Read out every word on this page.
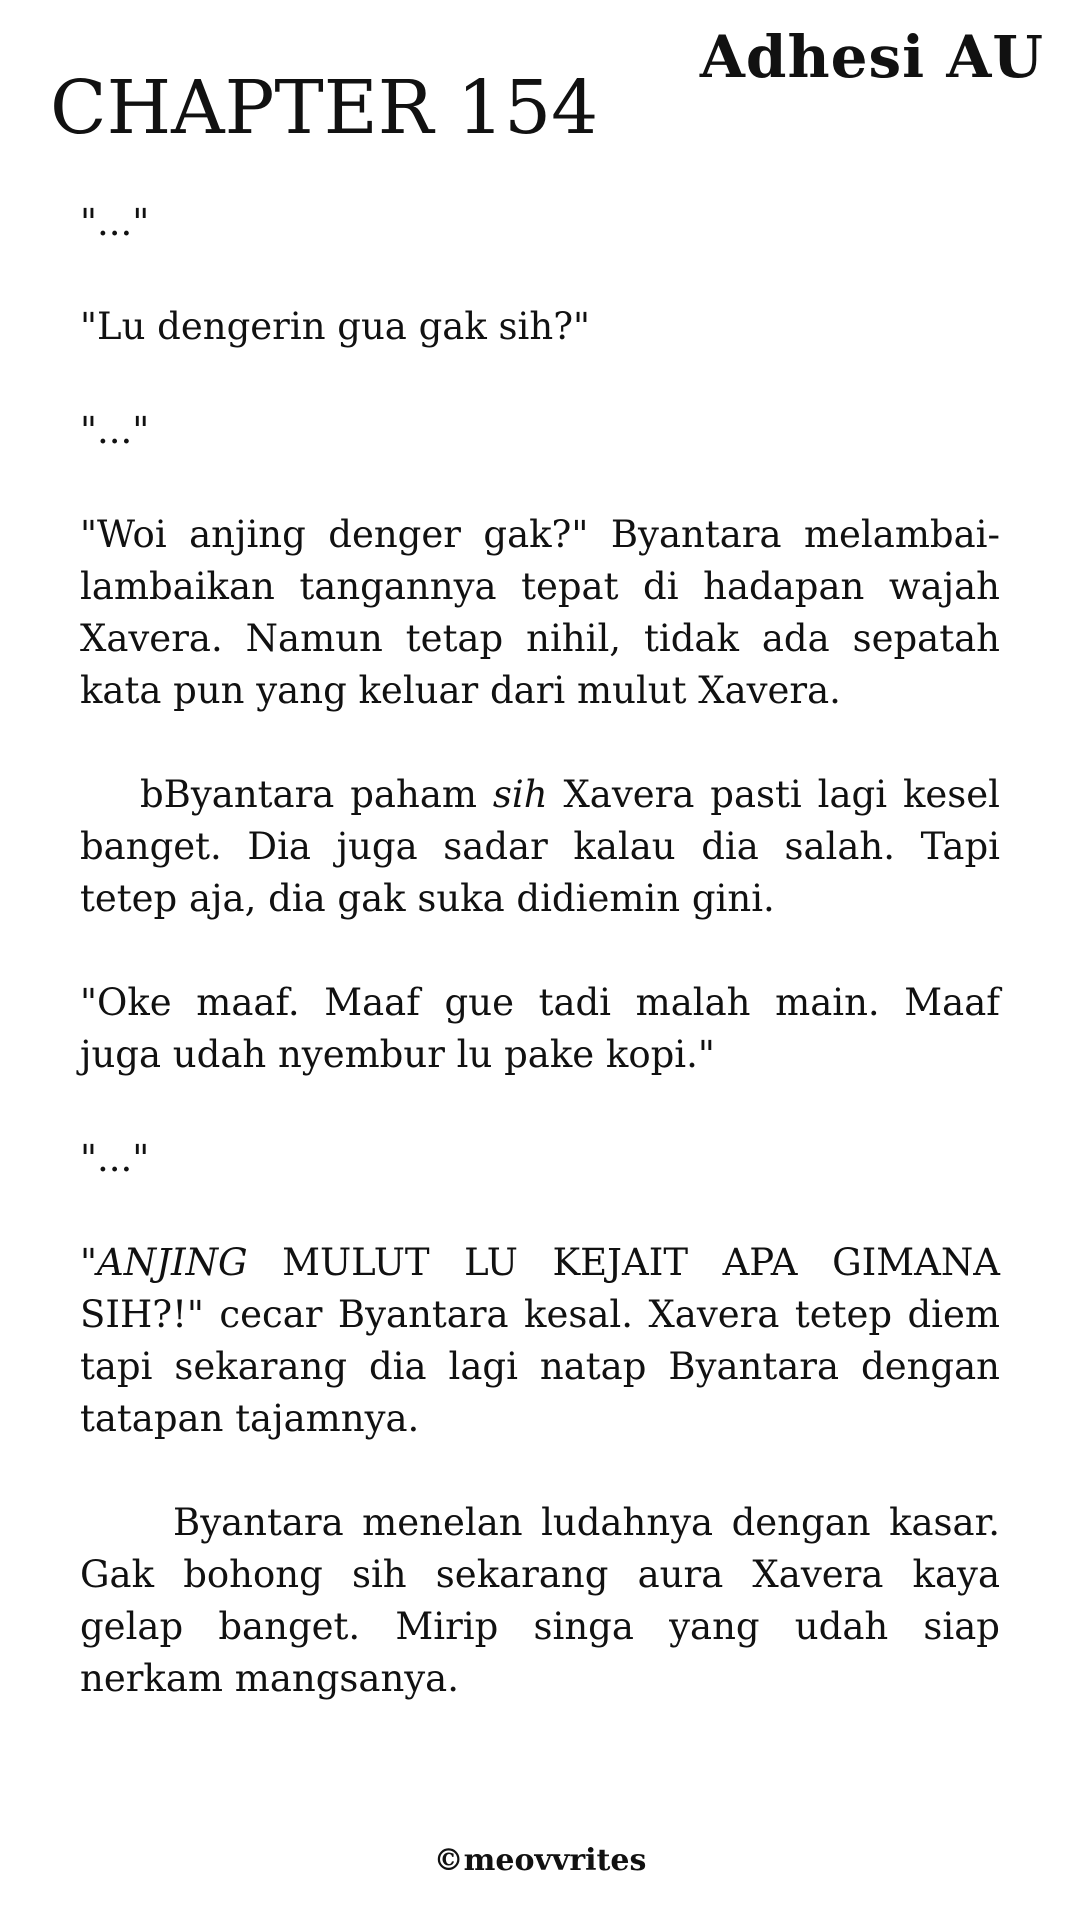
Adhesi AU
CHAPTER 154

"..."

"Lu dengerin gua gak sih?"

"..."

"Woi anjing denger gak?" Byantara melambai-lambaikan tangannya tepat di hadapan wajah Xavera. Namun tetap nihil, tidak ada sepatah kata pun yang keluar dari mulut Xavera.

bByantara paham sih Xavera pasti lagi kesel banget. Dia juga sadar kalau dia salah. Tapi tetep aja, dia gak suka didiemin gini.

"Oke maaf. Maaf gue tadi malah main. Maaf juga udah nyembur lu pake kopi."

"..."

"ANJING MULUT LU KEJAIT APA GIMANA SIH?!" cecar Byantara kesal. Xavera tetep diem tapi sekarang dia lagi natap Byantara dengan tatapan tajamnya.

Byantara menelan ludahnya dengan kasar. Gak bohong sih sekarang aura Xavera kaya gelap banget. Mirip singa yang udah siap nerkam mangsanya.

©meovvrites
